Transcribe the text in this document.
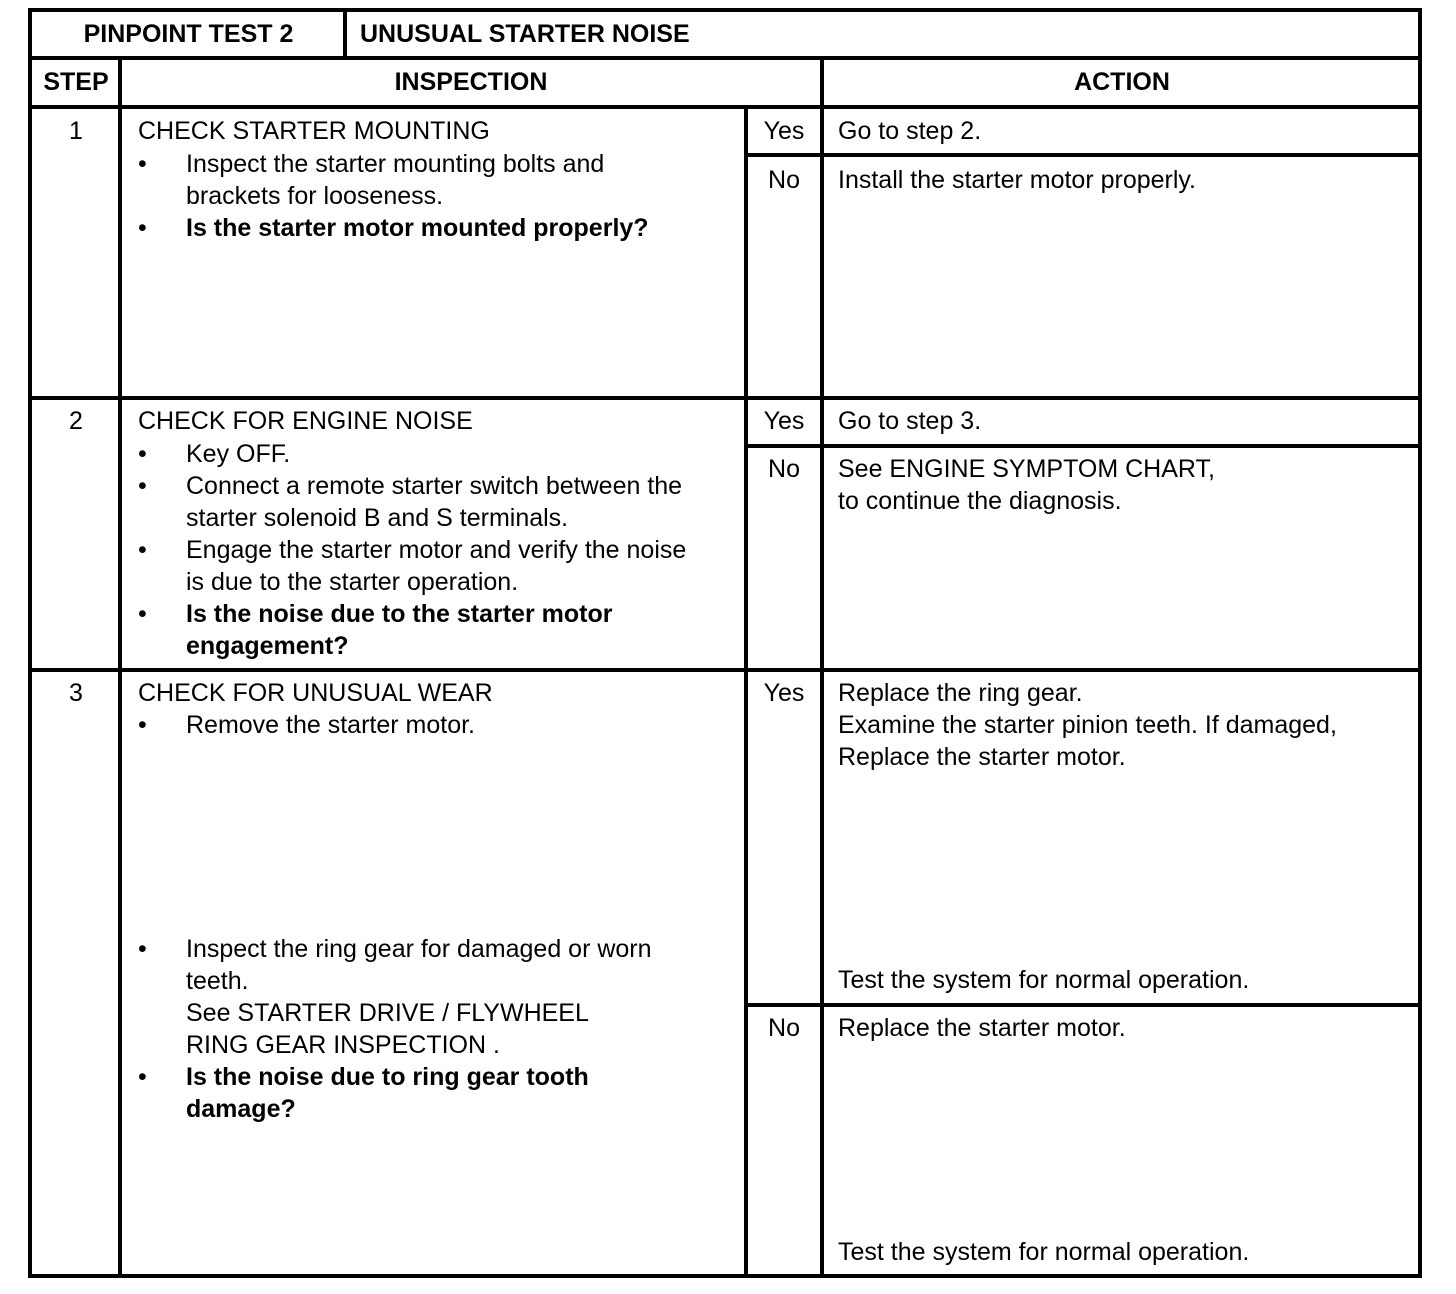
PINPOINT TEST 2	UNUSUAL STARTER NOISE
STEP	INSPECTION	ACTION
1	CHECK STARTER MOUNTING
• Inspect the starter mounting bolts and
brackets for looseness.
• Is the starter motor mounted properly?
Yes	Go to step 2.
No	Install the starter motor properly.
2	CHECK FOR ENGINE NOISE
• Key OFF.
• Connect a remote starter switch between the
starter solenoid B and S terminals.
• Engage the starter motor and verify the noise
is due to the starter operation.
• Is the noise due to the starter motor
engagement?
Yes	Go to step 3.
No	See ENGINE SYMPTOM CHART,
to continue the diagnosis.
3	CHECK FOR UNUSUAL WEAR
• Remove the starter motor.
• Inspect the ring gear for damaged or worn
teeth.
See STARTER DRIVE / FLYWHEEL
RING GEAR INSPECTION .
• Is the noise due to ring gear tooth
damage?
Yes	Replace the ring gear.
Examine the starter pinion teeth. If damaged,
Replace the starter motor.
Test the system for normal operation.
No	Replace the starter motor.
Test the system for normal operation.
